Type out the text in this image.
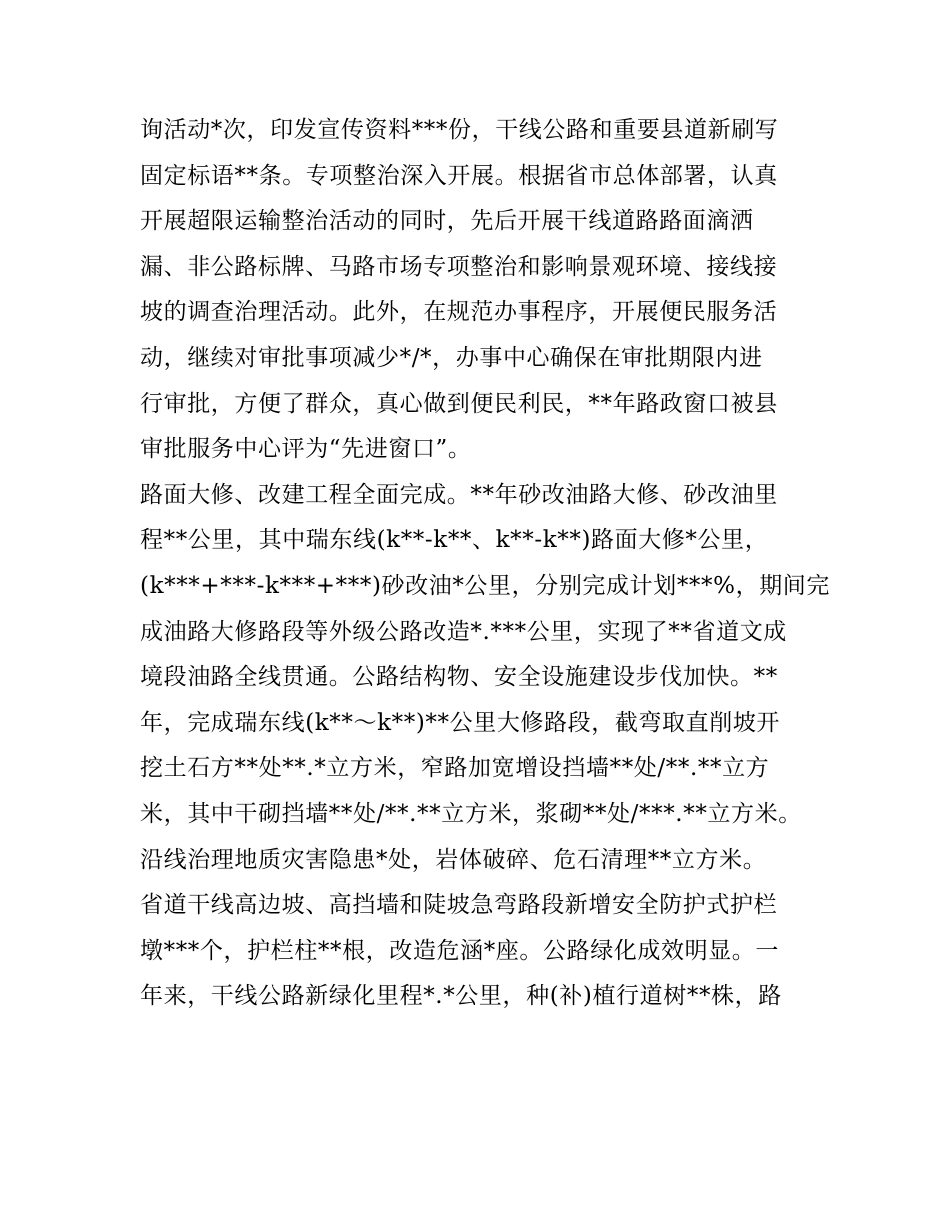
询活动*次，印发宣传资料***份，干线公路和重要县道新刷写
固定标语**条。专项整治深入开展。根据省市总体部署，认真
开展超限运输整治活动的同时，先后开展干线道路路面滴洒
漏、非公路标牌、马路市场专项整治和影响景观环境、接线接
坡的调查治理活动。此外，在规范办事程序，开展便民服务活
动，继续对审批事项减少*/*，办事中心确保在审批期限内进
行审批，方便了群众，真心做到便民利民，**年路政窗口被县
审批服务中心评为“先进窗口”。
路面大修、改建工程全面完成。**年砂改油路大修、砂改油里
程**公里，其中瑞东线(k**-k**、k**-k**)路面大修*公里，
(k***+***-k***+***)砂改油*公里，分别完成计划***%，期间完
成油路大修路段等外级公路改造*.***公里，实现了**省道文成
境段油路全线贯通。公路结构物、安全设施建设步伐加快。**
年，完成瑞东线(k**～k**)**公里大修路段，截弯取直削坡开
挖土石方**处**.*立方米，窄路加宽增设挡墙**处/**.**立方
米，其中干砌挡墙**处/**.**立方米，浆砌**处/***.**立方米。
沿线治理地质灾害隐患*处，岩体破碎、危石清理**立方米。
省道干线高边坡、高挡墙和陡坡急弯路段新增安全防护式护栏
墩***个，护栏柱**根，改造危涵*座。公路绿化成效明显。一
年来，干线公路新绿化里程*.*公里，种(补)植行道树**株，路
